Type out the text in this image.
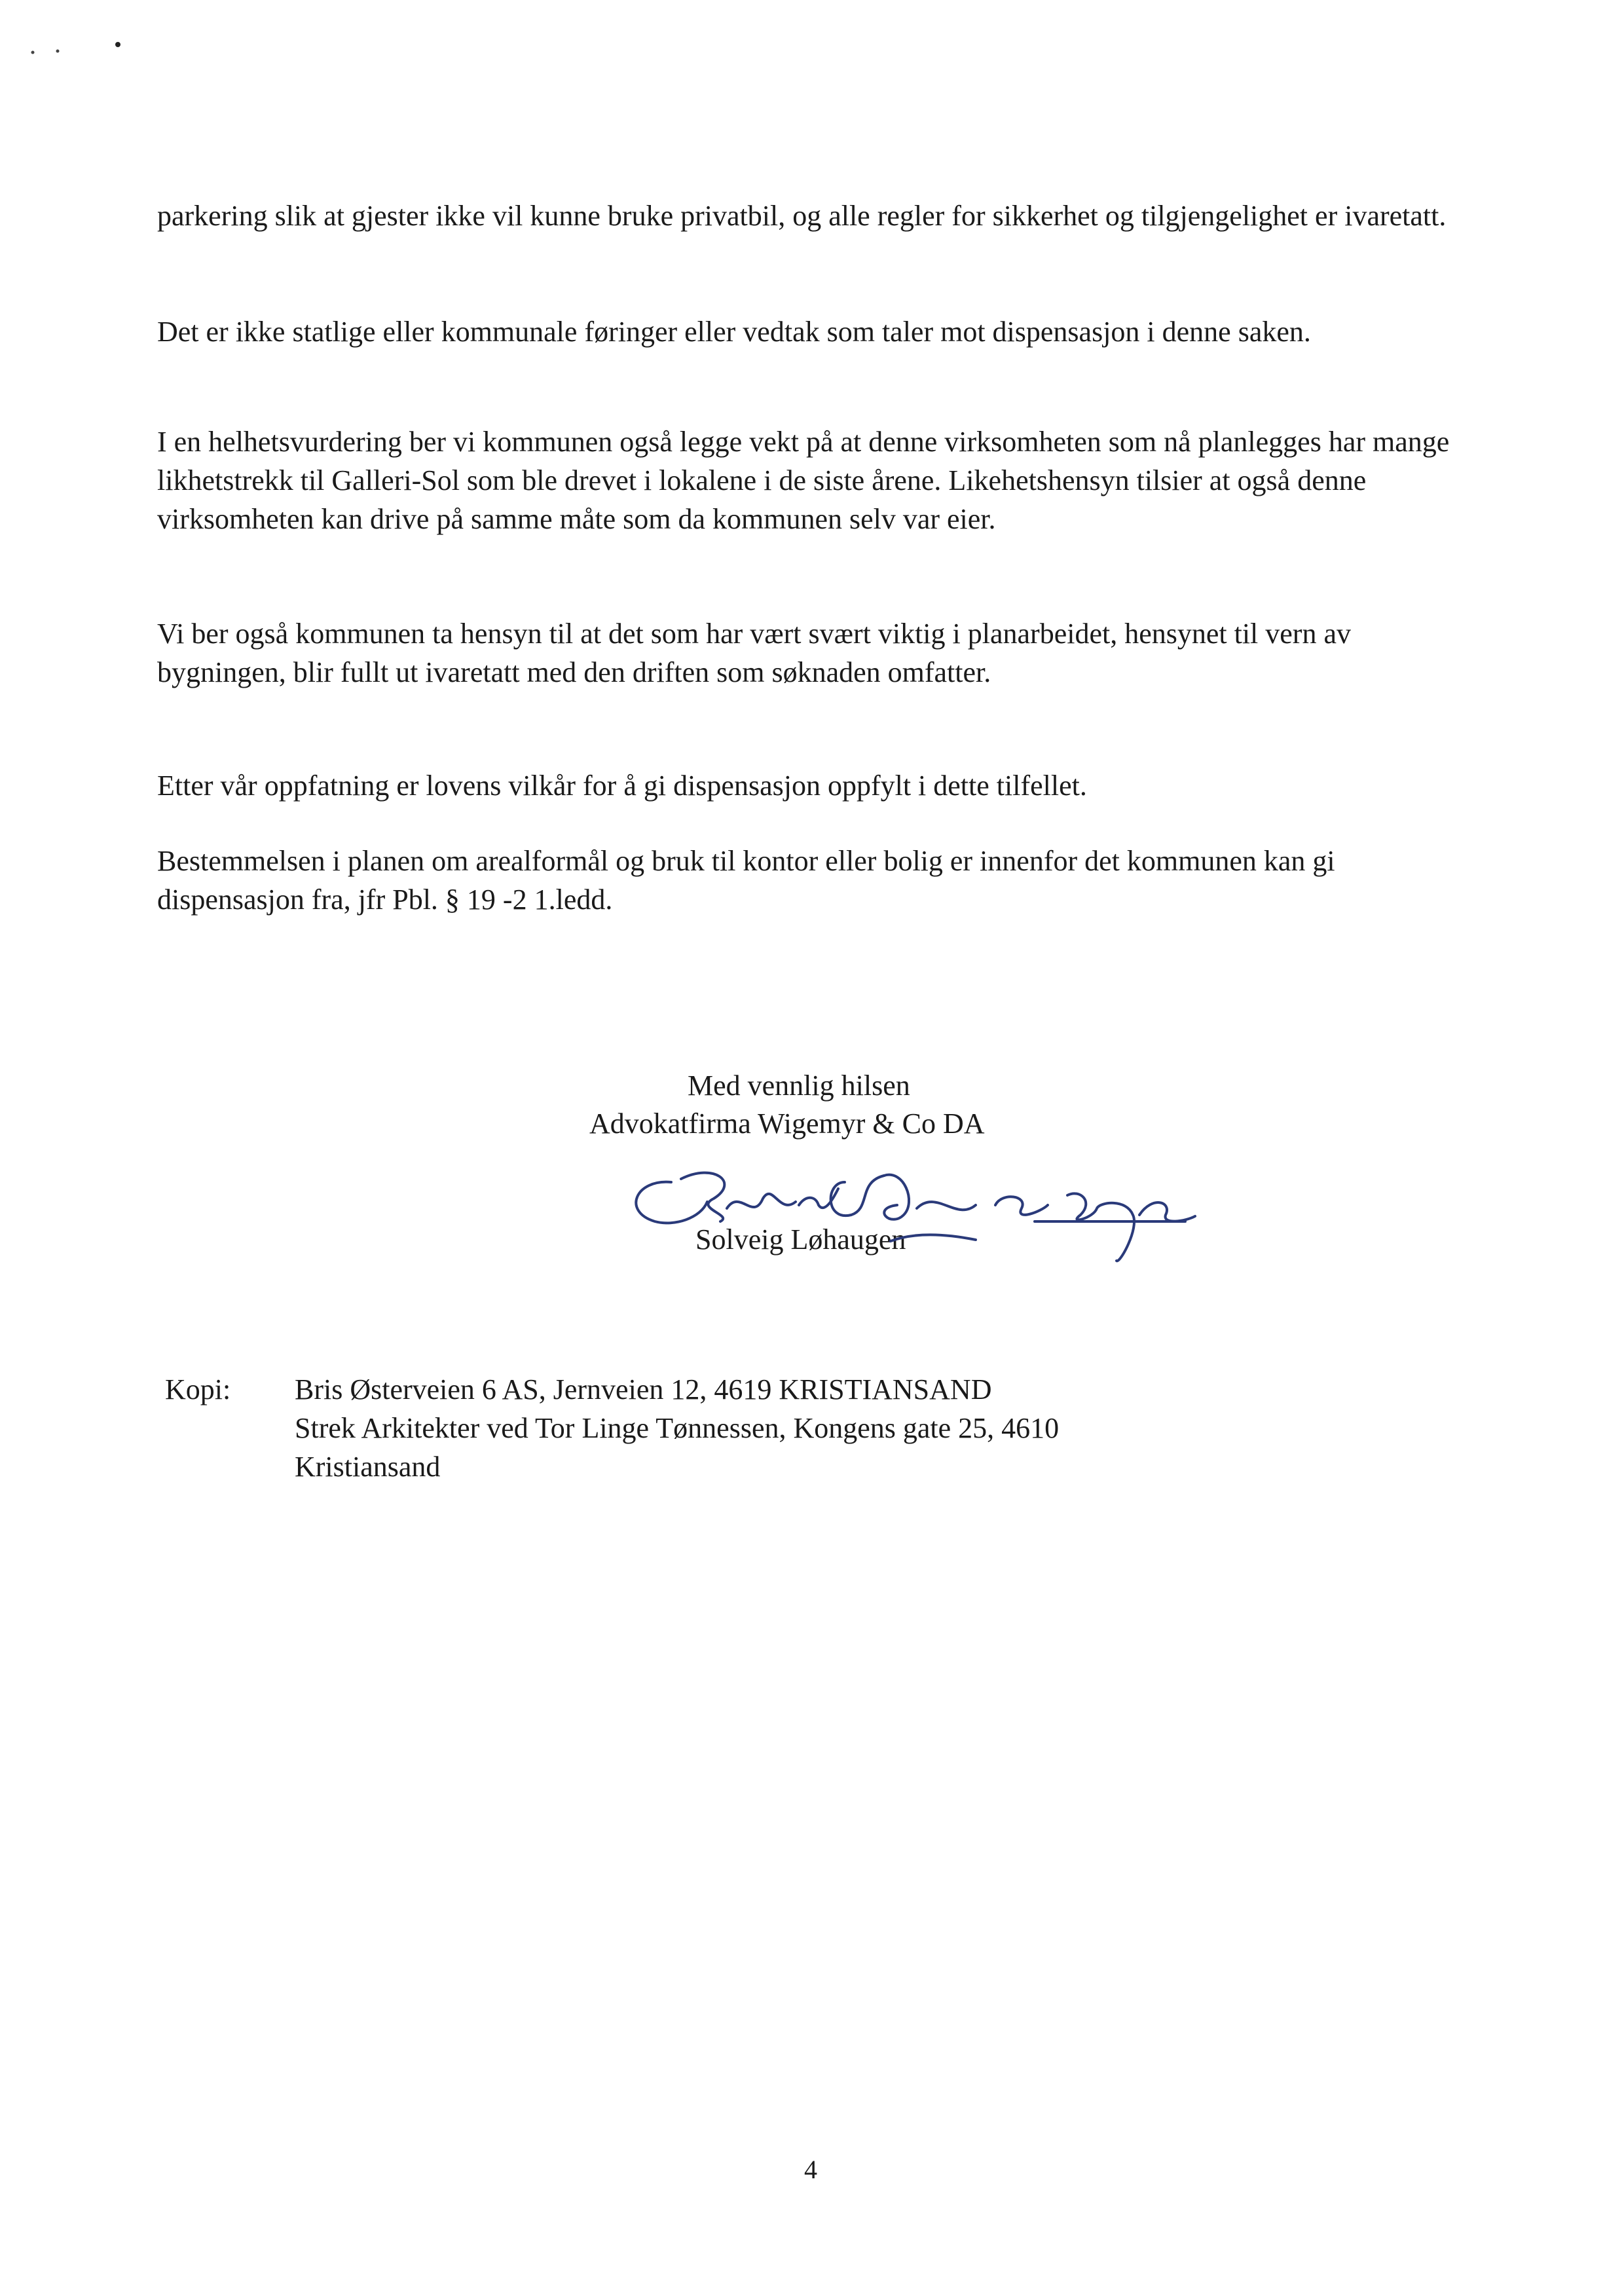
parkering slik at gjester ikke vil kunne bruke privatbil, og alle regler for sikkerhet og tilgjengelighet er ivaretatt.

Det er ikke statlige eller kommunale føringer eller vedtak som taler mot dispensasjon i denne saken.

I en helhetsvurdering ber vi kommunen også legge vekt på at denne virksomheten som nå planlegges har mange likhetstrekk til Galleri-Sol som ble drevet i lokalene i de siste årene. Likehetshensyn tilsier at også denne virksomheten kan drive på samme måte som da kommunen selv var eier.

Vi ber også kommunen ta hensyn til at det som har vært svært viktig i planarbeidet, hensynet til vern av bygningen, blir fullt ut ivaretatt med den driften som søknaden omfatter.

Etter vår oppfatning er lovens vilkår for å gi dispensasjon oppfylt i dette tilfellet.

Bestemmelsen i planen om arealformål og bruk til kontor eller bolig er innenfor det kommunen kan gi dispensasjon fra, jfr Pbl. § 19 -2 1.ledd.

Med vennlig hilsen
Advokatfirma Wigemyr & Co DA
Solveig Løhaugen
Kopi: Bris Østerveien 6 AS, Jernveien 12, 4619 KRISTIANSAND
Strek Arkitekter ved Tor Linge Tønnessen, Kongens gate 25, 4610
Kristiansand
4
